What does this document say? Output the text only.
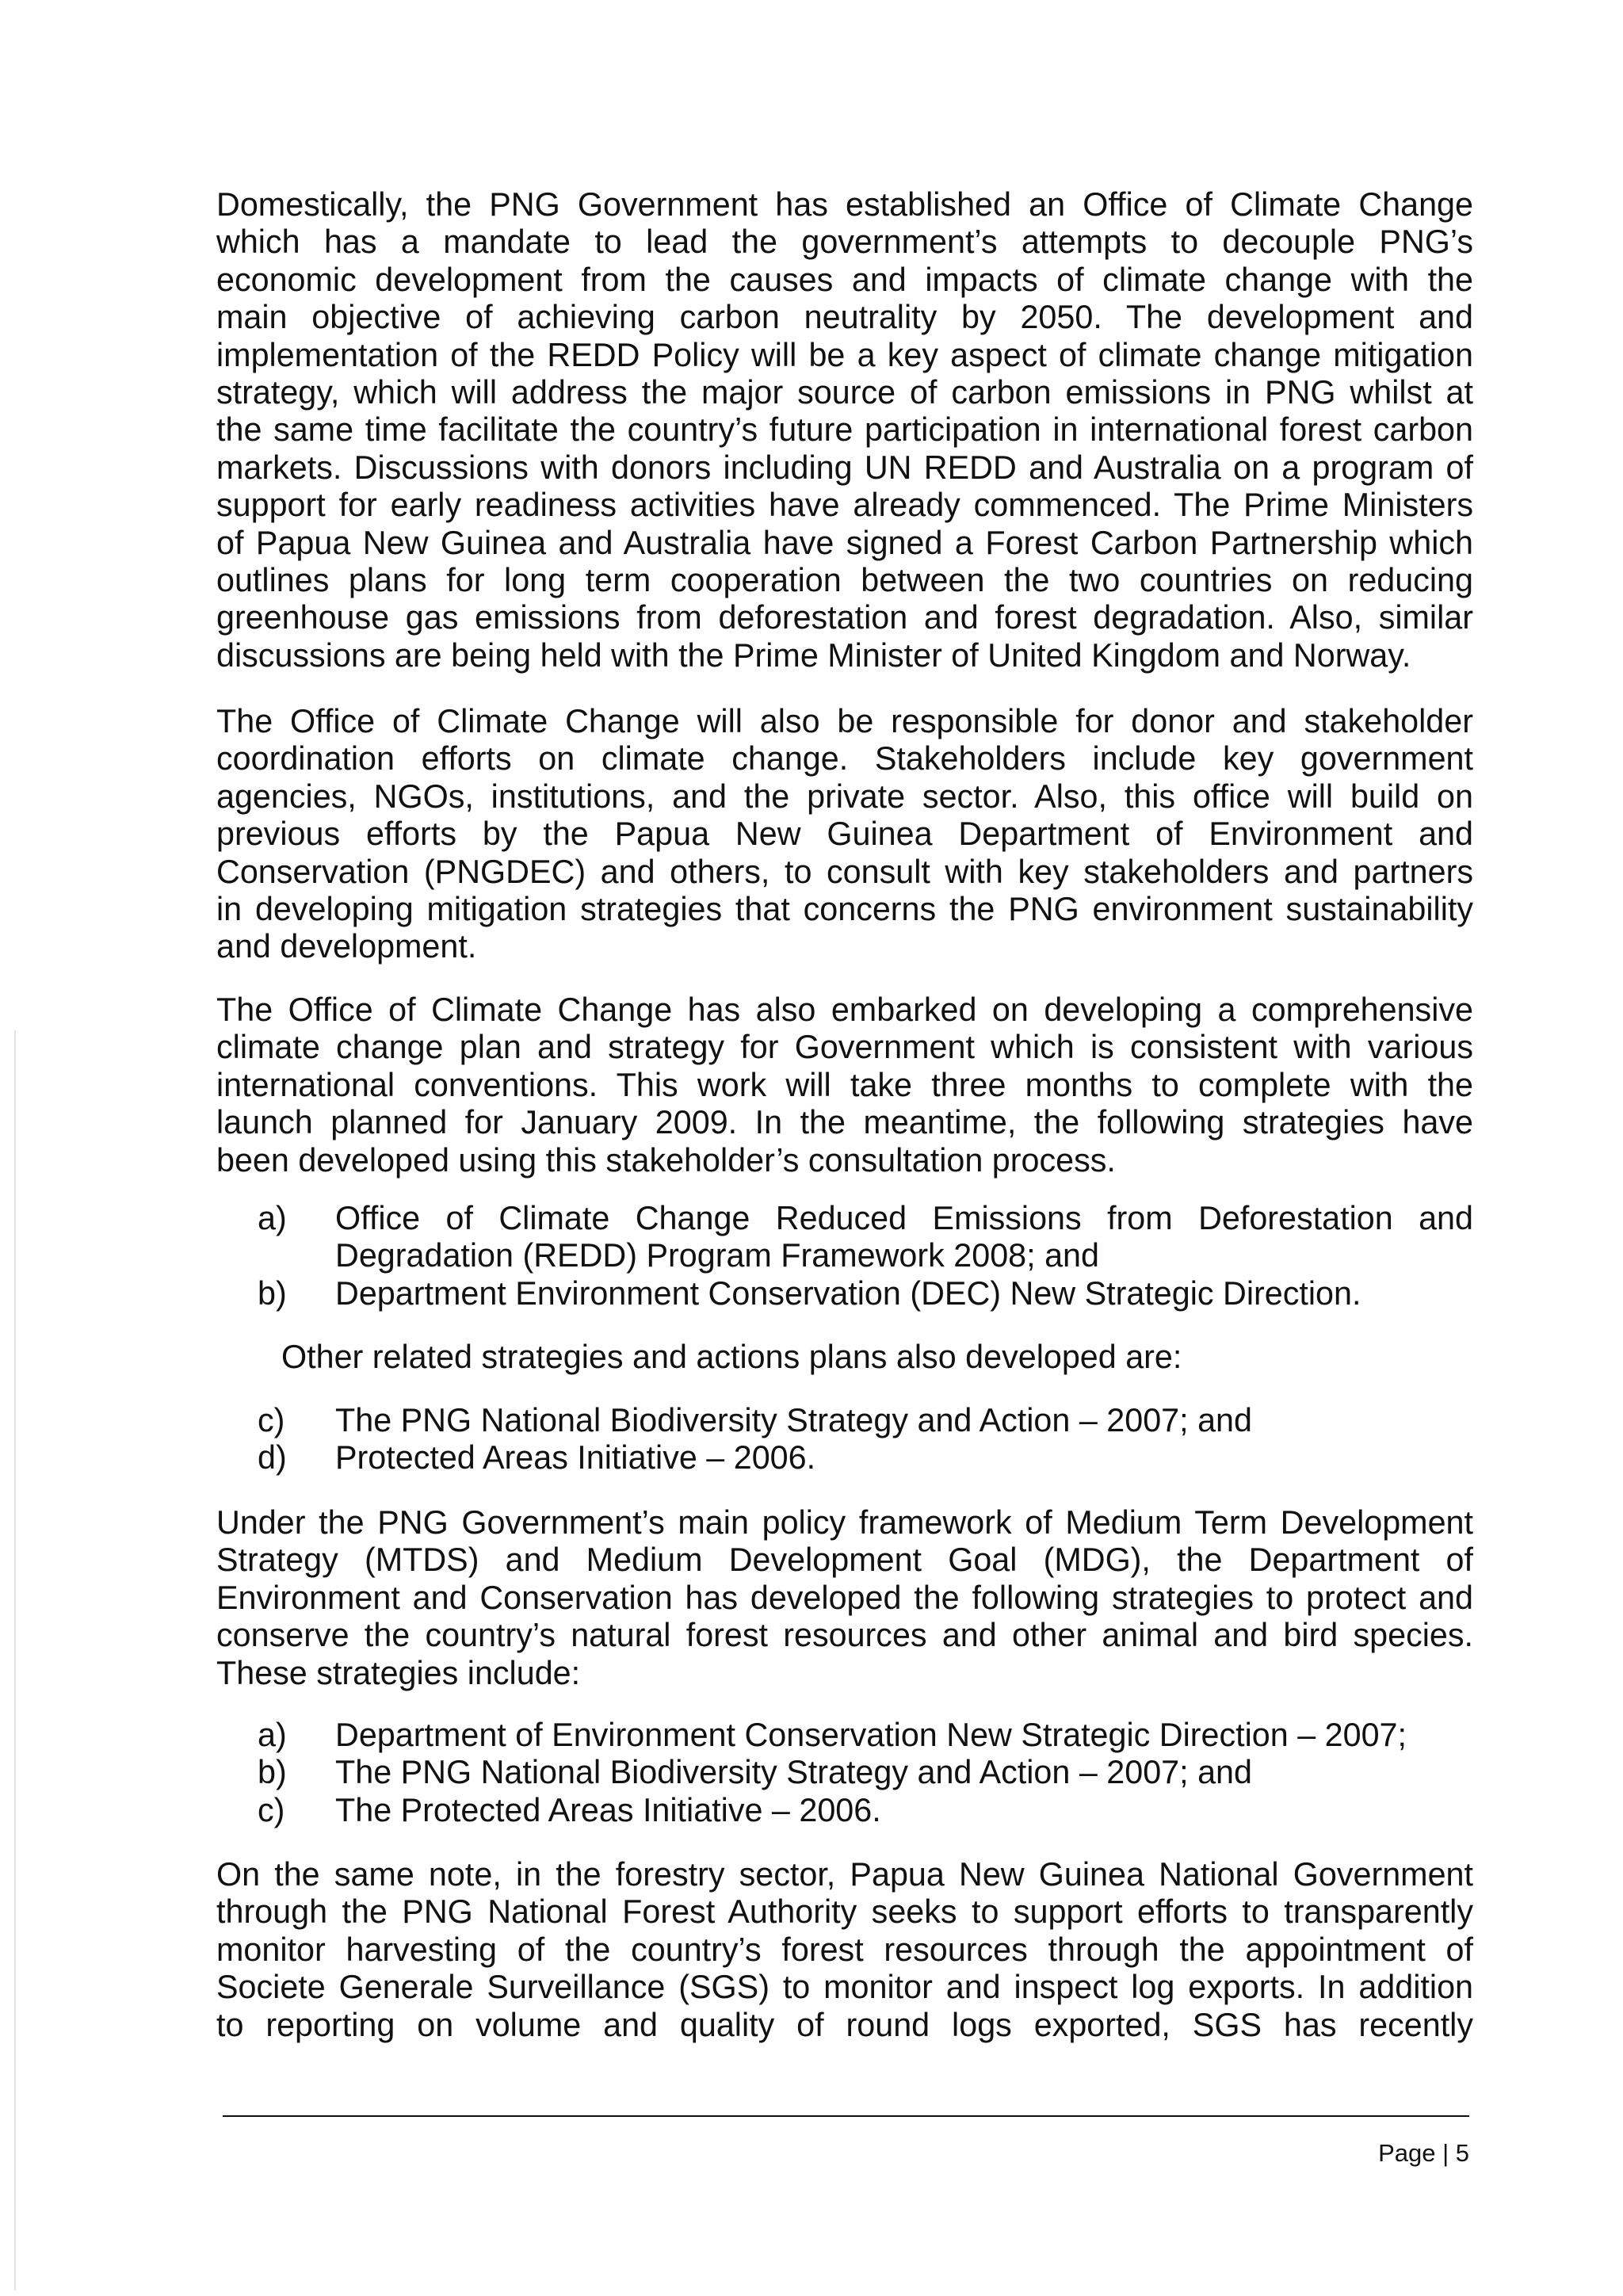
Domestically, the PNG Government has established an Office of Climate Change
which has a mandate to lead the government’s attempts to decouple PNG’s
economic development from the causes and impacts of climate change with the
main objective of achieving carbon neutrality by 2050. The development and
implementation of the REDD Policy will be a key aspect of climate change mitigation
strategy, which will address the major source of carbon emissions in PNG whilst at
the same time facilitate the country’s future participation in international forest carbon
markets. Discussions with donors including UN REDD and Australia on a program of
support for early readiness activities have already commenced. The Prime Ministers
of Papua New Guinea and Australia have signed a Forest Carbon Partnership which
outlines plans for long term cooperation between the two countries on reducing
greenhouse gas emissions from deforestation and forest degradation. Also, similar
discussions are being held with the Prime Minister of United Kingdom and Norway.
The Office of Climate Change will also be responsible for donor and stakeholder
coordination efforts on climate change. Stakeholders include key government
agencies, NGOs, institutions, and the private sector. Also, this office will build on
previous efforts by the Papua New Guinea Department of Environment and
Conservation (PNGDEC) and others, to consult with key stakeholders and partners
in developing mitigation strategies that concerns the PNG environment sustainability
and development.
The Office of Climate Change has also embarked on developing a comprehensive
climate change plan and strategy for Government which is consistent with various
international conventions. This work will take three months to complete with the
launch planned for January 2009. In the meantime, the following strategies have
been developed using this stakeholder’s consultation process.
a)	Office of Climate Change Reduced Emissions from Deforestation and
Degradation (REDD) Program Framework 2008; and
b)	Department Environment Conservation (DEC) New Strategic Direction.
Other related strategies and actions plans also developed are:
c)	The PNG National Biodiversity Strategy and Action – 2007; and
d)	Protected Areas Initiative – 2006.
Under the PNG Government’s main policy framework of Medium Term Development
Strategy (MTDS) and Medium Development Goal (MDG), the Department of
Environment and Conservation has developed the following strategies to protect and
conserve the country’s natural forest resources and other animal and bird species.
These strategies include:
a)	Department of Environment Conservation New Strategic Direction – 2007;
b)	The PNG National Biodiversity Strategy and Action – 2007; and
c)	The Protected Areas Initiative – 2006.
On the same note, in the forestry sector, Papua New Guinea National Government
through the PNG National Forest Authority seeks to support efforts to transparently
monitor harvesting of the country’s forest resources through the appointment of
Societe Generale Surveillance (SGS) to monitor and inspect log exports. In addition
to reporting on volume and quality of round logs exported, SGS has recently
Page | 5
